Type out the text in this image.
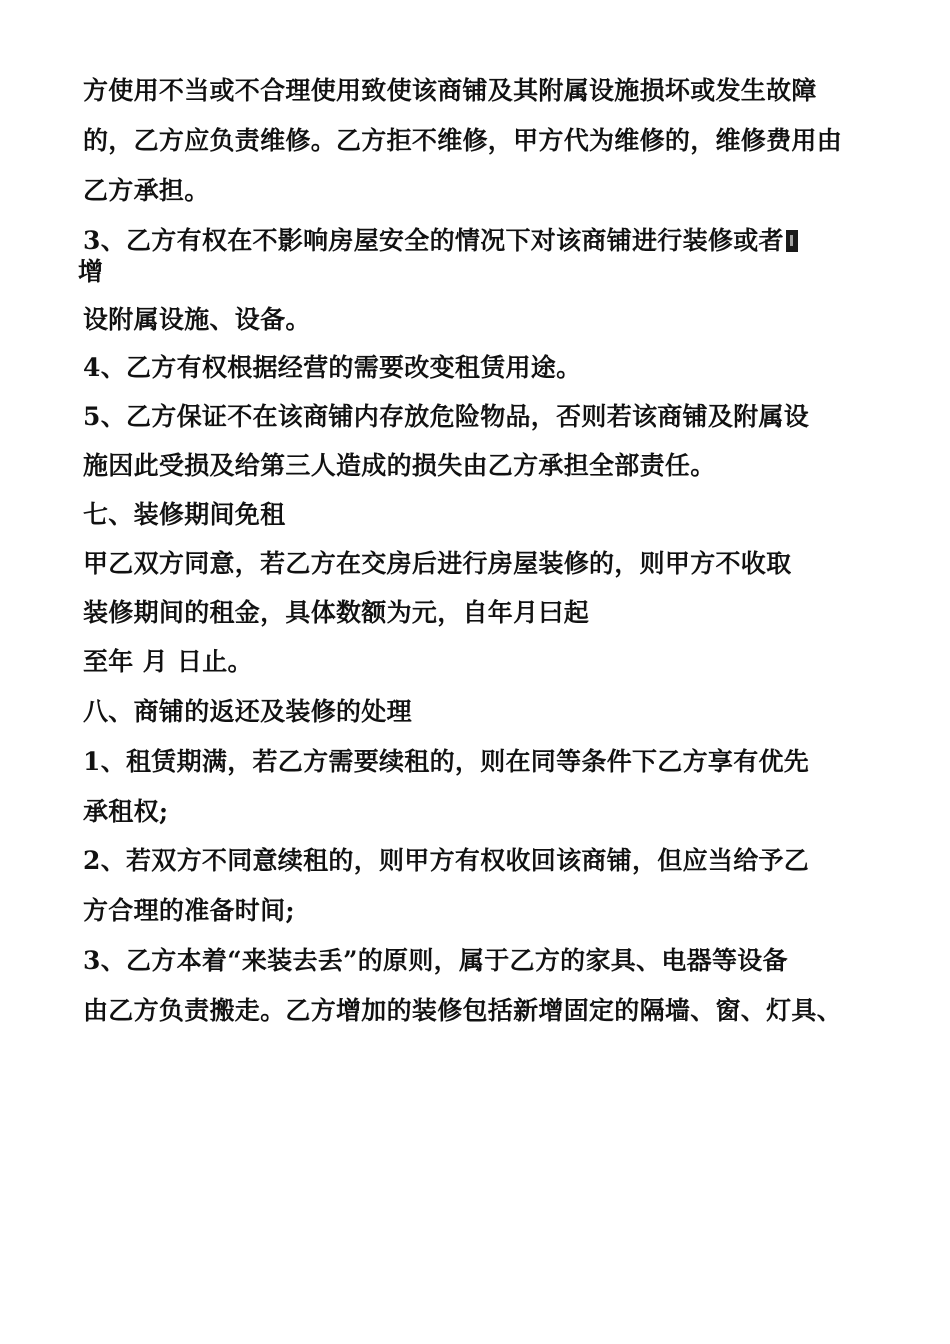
方使用不当或不合理使用致使该商铺及其附属设施损坏或发生故障

的，乙方应负责维修。乙方拒不维修，甲方代为维修的，维修费用由

乙方承担。

3、乙方有权在不影响房屋安全的情况下对该商铺进行装修或者

增

设附属设施、设备。

4、乙方有权根据经营的需要改变租赁用途。

5、乙方保证不在该商铺内存放危险物品，否则若该商铺及附属设

施因此受损及给第三人造成的损失由乙方承担全部责任。

七、装修期间免租

甲乙双方同意，若乙方在交房后进行房屋装修的，则甲方不收取

装修期间的租金，具体数额为元，自年月曰起

至年 月 日止。

八、商铺的返还及装修的处理

1、租赁期满，若乙方需要续租的，则在同等条件下乙方享有优先

承租权;

2、若双方不同意续租的，则甲方有权收回该商铺，但应当给予乙

方合理的准备时间;

3、乙方本着“来装去丢”的原则，属于乙方的家具、电器等设备

由乙方负责搬走。乙方增加的装修包括新增固定的隔墙、窗、灯具、
